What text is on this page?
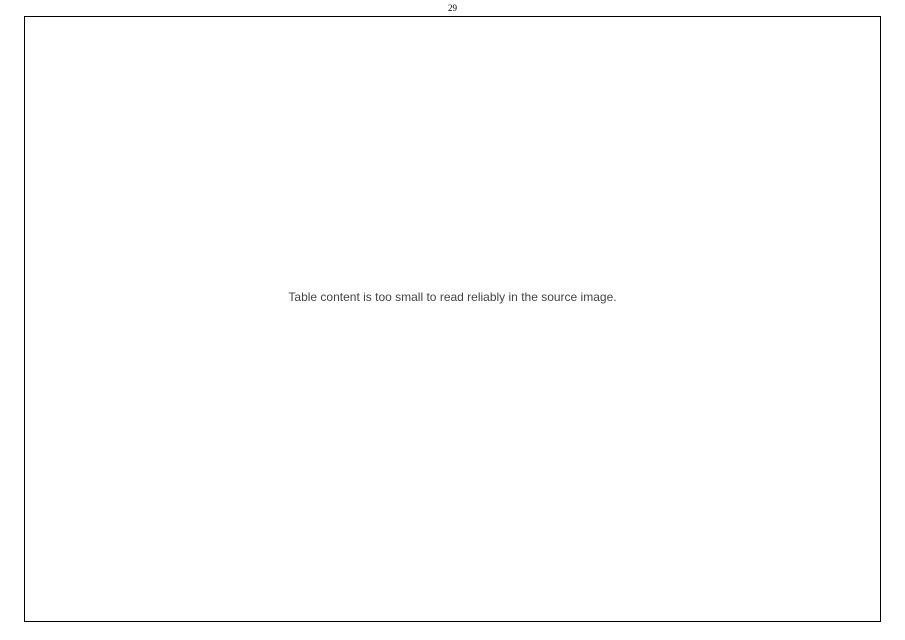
29
Table content is too small to read reliably in the source image.
